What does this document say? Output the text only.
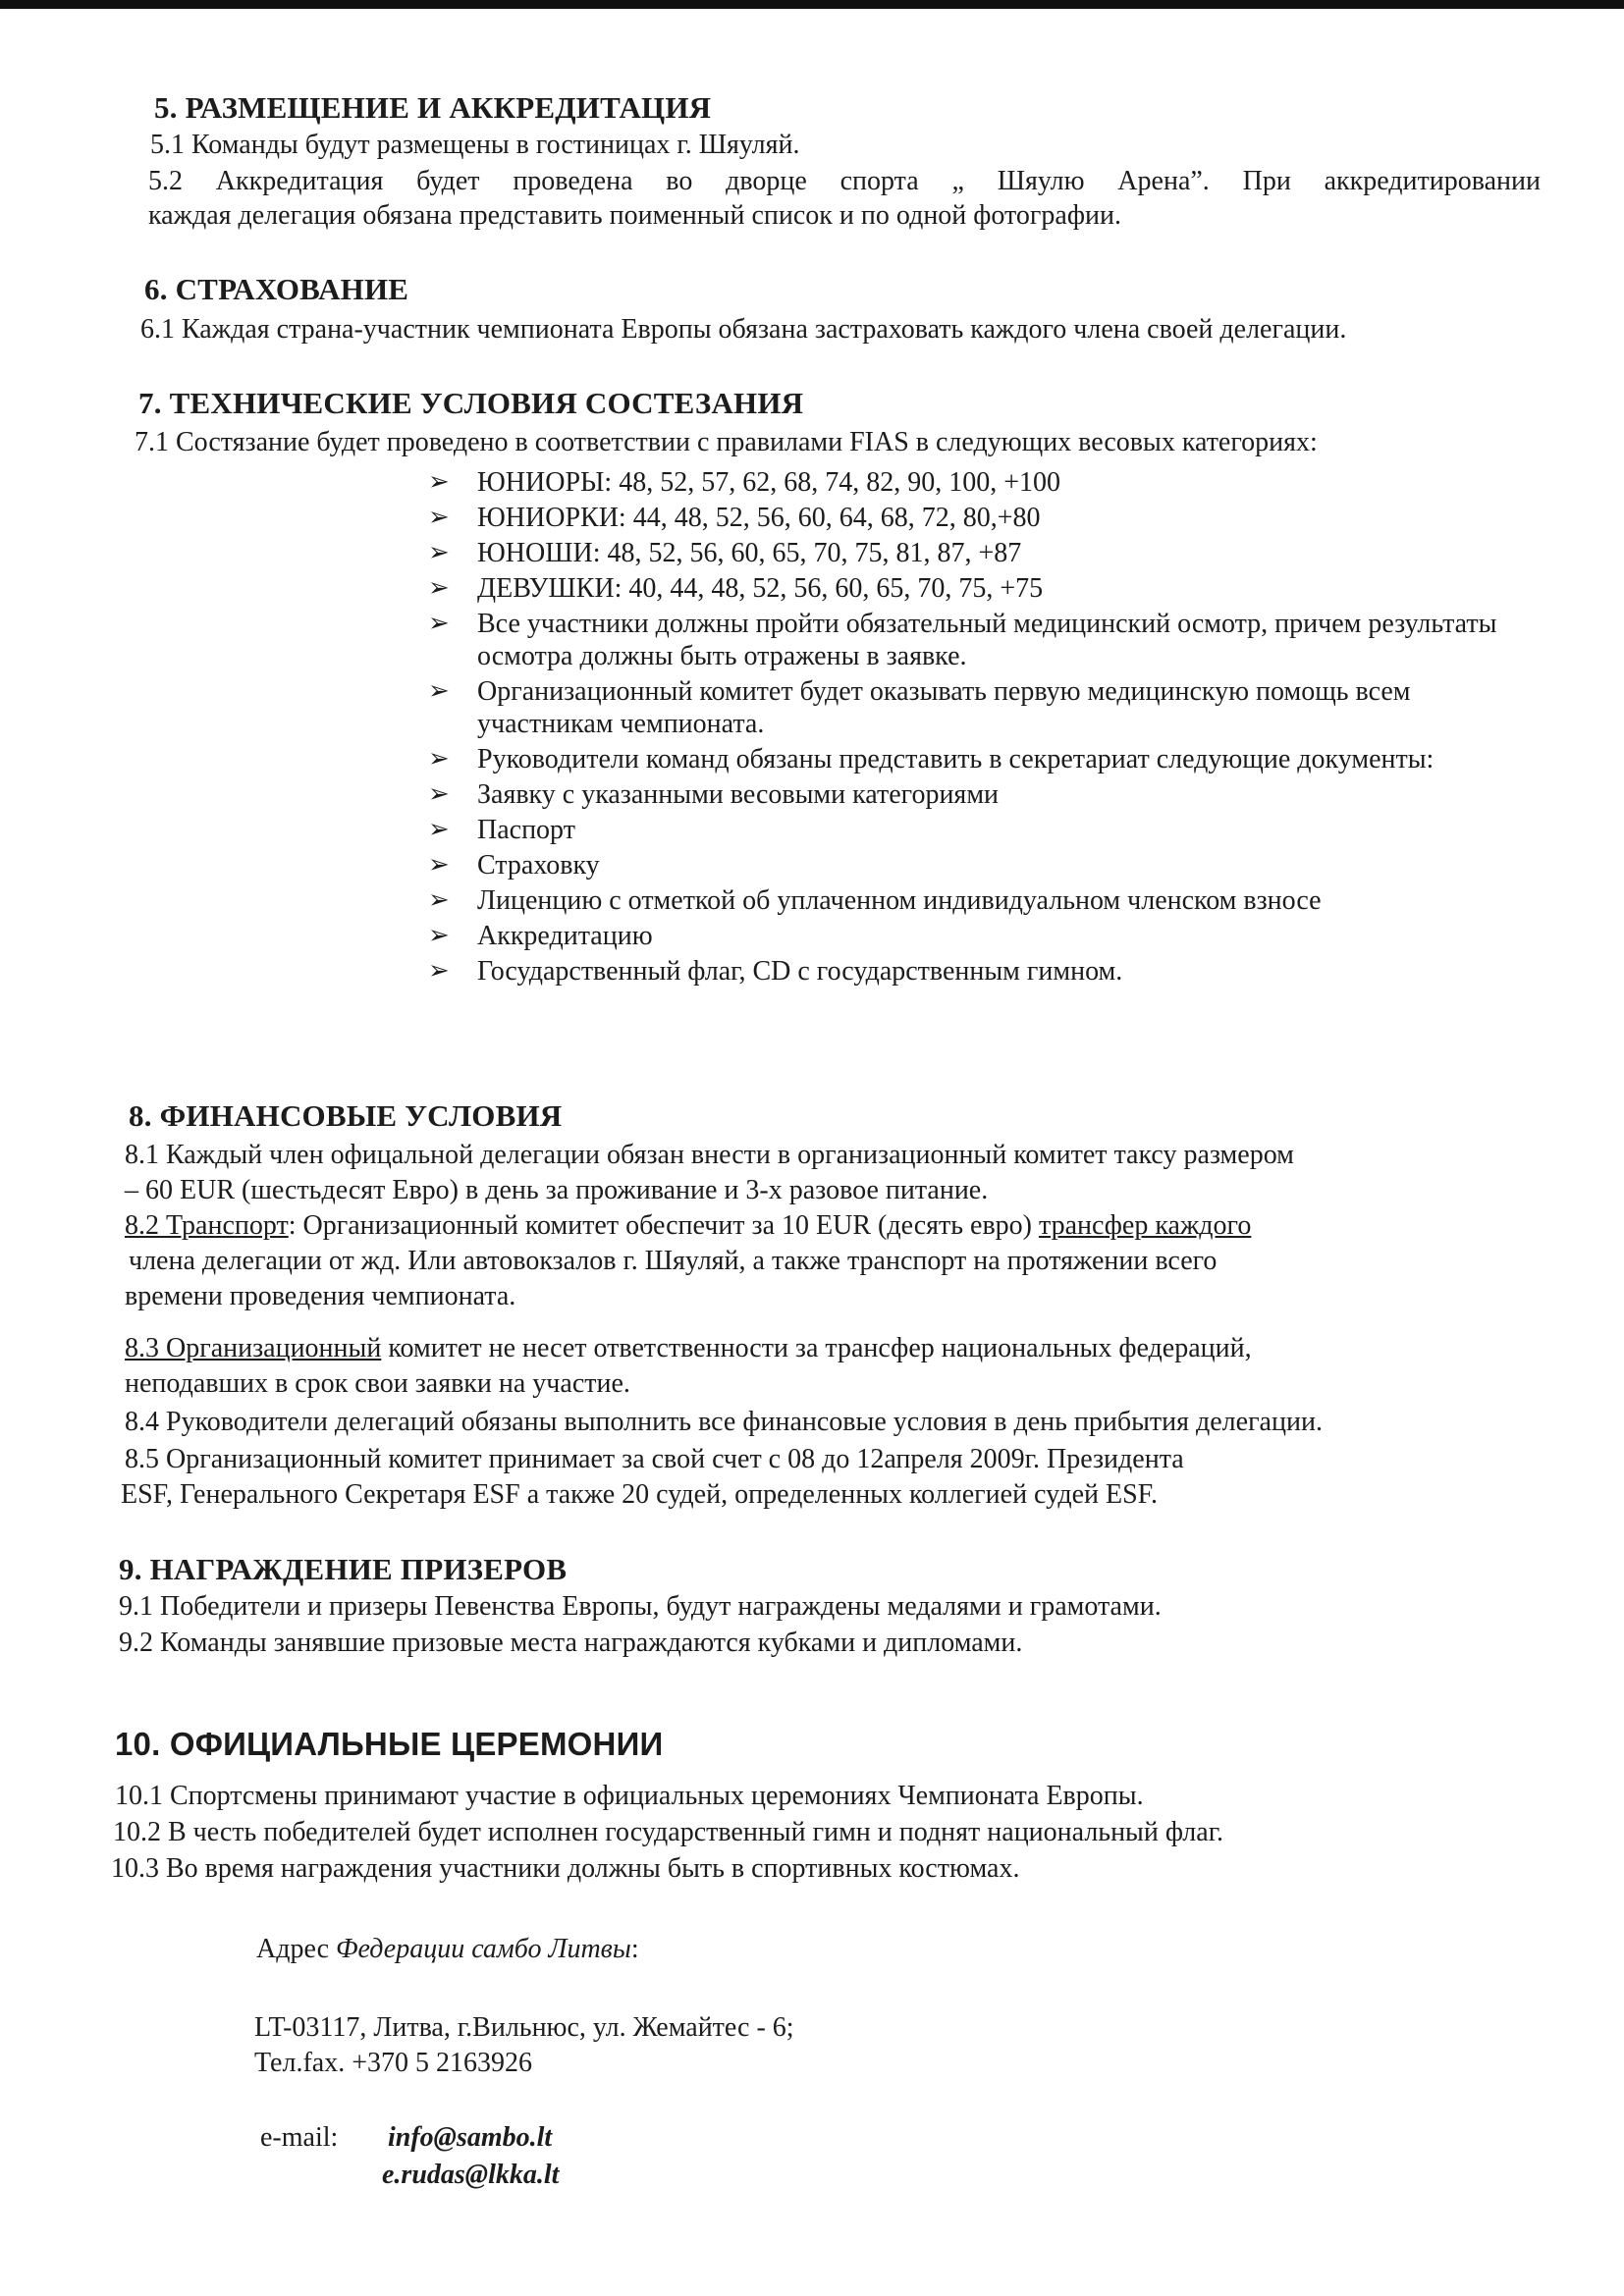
5. РАЗМЕЩЕНИЕ И АККРЕДИТАЦИЯ

5.1 Команды будут размещены в гостиницах г. Шяуляй.

5.2 Аккредитация будет проведена во дворце спорта „ Шяулю Арена”. При аккредитировании

каждая делегация обязана представить поименный список и по одной фотографии.

6. СТРАХОВАНИЕ

6.1 Каждая страна-участник чемпионата Европы обязана застраховать каждого члена своей делегации.

7. ТЕХНИЧЕСКИЕ УСЛОВИЯ СОСТЕЗАНИЯ

7.1 Состязание будет проведено в соответствии с правилами FIAS в следующих весовых категориях:

➢ ЮНИОРЫ: 48, 52, 57, 62, 68, 74, 82, 90, 100, +100
➢ ЮНИОРКИ: 44, 48, 52, 56, 60, 64, 68, 72, 80,+80
➢ ЮНОШИ: 48, 52, 56, 60, 65, 70, 75, 81, 87, +87
➢ ДЕВУШКИ: 40, 44, 48, 52, 56, 60, 65, 70, 75, +75
➢ Все участники должны пройти обязательный медицинский осмотр, причем результаты осмотра должны быть отражены в заявке.
➢ Организационный комитет будет оказывать первую медицинскую помощь всем участникам чемпионата.
➢ Руководители команд обязаны представить в секретариат следующие документы:
➢ Заявку с указанными весовыми категориями
➢ Паспорт
➢ Страховку
➢ Лиценцию с отметкой об уплаченном индивидуальном членском взносе
➢ Аккредитацию
➢ Государственный флаг, CD с государственным гимном.
8. ФИНАНСОВЫЕ УСЛОВИЯ

8.1 Каждый член офицальной делегации обязан внести в организационный комитет таксу размером

– 60 EUR (шестьдесят Евро) в день за проживание и 3-х разовое питание.

8.2 Транспорт: Организационный комитет обеспечит за 10 EUR (десять евро) трансфер каждого

члена делегации от жд. Или автовокзалов г. Шяуляй, а также транспорт на протяжении всего

времени проведения чемпионата.

8.3 Организационный комитет не несет ответственности за трансфер национальных федераций,

неподавших в срок свои заявки на участие.

8.4 Руководители делегаций обязаны выполнить все финансовые условия в день прибытия делегации.

8.5 Организационный комитет принимает за свой счет с 08 до 12апреля 2009г. Президента

ESF, Генерального Секретаря ESF а также 20 судей, определенных коллегией судей ESF.

9. НАГРАЖДЕНИЕ ПРИЗЕРОВ

9.1 Победители и призеры Певенства Европы, будут награждены медалями и грамотами.

9.2 Команды занявшие призовые места награждаются кубками и дипломами.

10. ОФИЦИАЛЬНЫЕ ЦЕРЕМОНИИ

10.1 Спортсмены принимают участие в официальных церемониях Чемпионата Европы.

10.2 В честь победителей будет исполнен государственный гимн и поднят национальный флаг.

10.3 Во время награждения участники должны быть в спортивных костюмах.

Адрес Федерации самбо Литвы:
LT-03117, Литва, г.Вильнюс, ул. Жемайтес - 6;
Тел.fax. +370 5 2163926
e-mail: info@sambo.lt
e.rudas@lkka.lt
